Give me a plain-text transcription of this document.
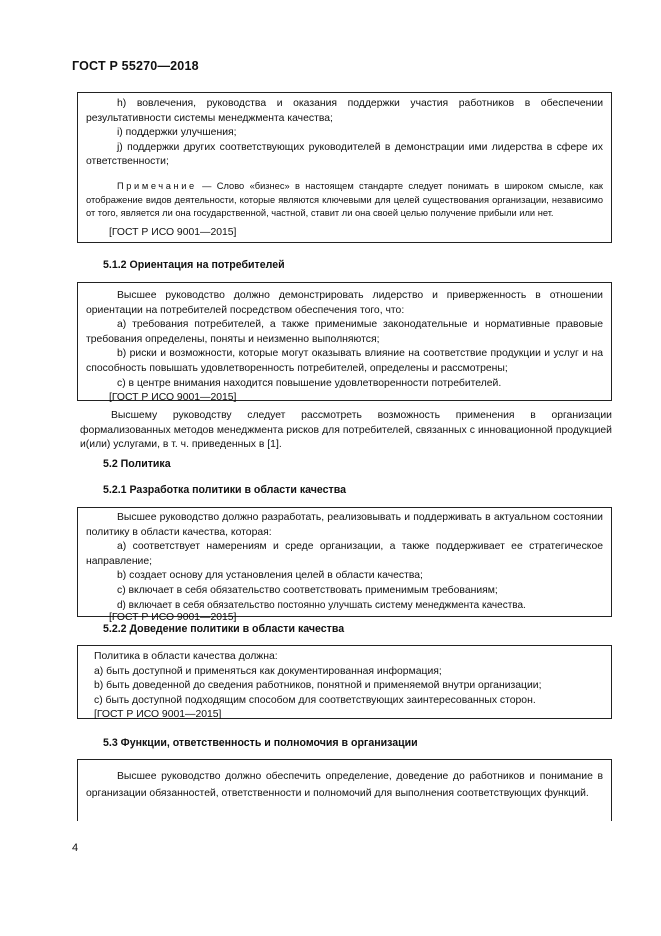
ГОСТ Р 55270—2018

h) вовлечения, руководства и оказания поддержки участия работников в обеспечении результативности системы менеджмента качества;

i) поддержки улучшения;

j) поддержки других соответствующих руководителей в демонстрации ими лидерства в сфере их ответственности;

Примечание — Слово «бизнес» в настоящем стандарте следует понимать в широком смысле, как отображение видов деятельности, которые являются ключевыми для целей существования организации, независимо от того, является ли она государственной, частной, ставит ли она своей целью получение прибыли или нет.

[ГОСТ Р ИСО 9001—2015]

5.1.2 Ориентация на потребителей

Высшее руководство должно демонстрировать лидерство и приверженность в отношении ориентации на потребителей посредством обеспечения того, что:

а) требования потребителей, а также применимые законодательные и нормативные правовые требования определены, поняты и неизменно выполняются;

b) риски и возможности, которые могут оказывать влияние на соответствие продукции и услуг и на способность повышать удовлетворенность потребителей, определены и рассмотрены;

c) в центре внимания находится повышение удовлетворенности потребителей.

[ГОСТ Р ИСО 9001—2015]

Высшему руководству следует рассмотреть возможность применения в организации формализованных методов менеджмента рисков для потребителей, связанных с инновационной продукцией и(или) услугами, в т. ч. приведенных в [1].

5.2 Политика
5.2.1 Разработка политики в области качества

Высшее руководство должно разработать, реализовывать и поддерживать в актуальном состоянии политику в области качества, которая:

а) соответствует намерениям и среде организации, а также поддерживает ее стратегическое направление;

b) создает основу для установления целей в области качества;

c) включает в себя обязательство соответствовать применимым требованиям;

d) включает в себя обязательство постоянно улучшать систему менеджмента качества.

[ГОСТ Р ИСО 9001—2015]

5.2.2 Доведение политики в области качества

Политика в области качества должна:

а) быть доступной и применяться как документированная информация;

b) быть доведенной до сведения работников, понятной и применяемой внутри организации;

c) быть доступной подходящим способом для соответствующих заинтересованных сторон.

[ГОСТ Р ИСО 9001—2015]

5.3 Функции, ответственность и полномочия в организации

Высшее руководство должно обеспечить определение, доведение до работников и понимание в организации обязанностей, ответственности и полномочий для выполнения соответствующих функций.

4
